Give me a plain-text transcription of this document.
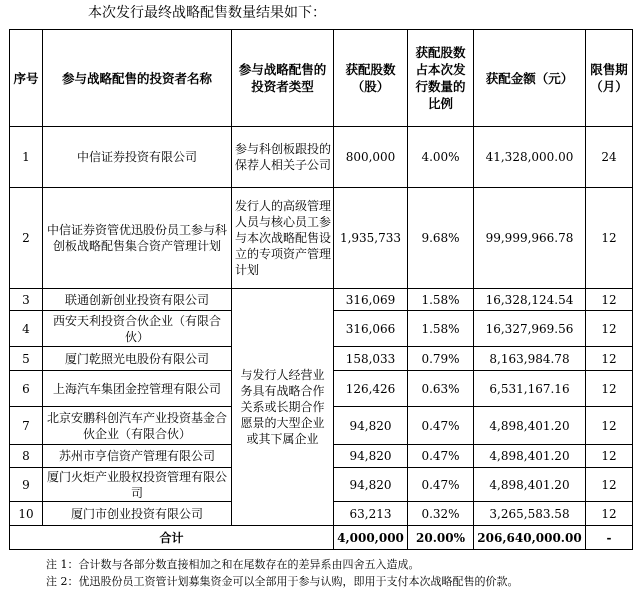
本次发行最终战略配售数量结果如下：
序号	参与战略配售的投资者名称	参与战略配售的投资者类型	获配股数（股）	获配股数占本次发行数量的比例	获配金额（元）	限售期（月）
1	中信证券投资有限公司	参与科创板跟投的保荐人相关子公司	800,000	4.00%	41,328,000.00	24
2	中信证券资管优迅股份员工参与科创板战略配售集合资产管理计划	发行人的高级管理人员与核心员工参与本次战略配售设立的专项资产管理计划	1,935,733	9.68%	99,999,966.78	12
3	联通创新创业投资有限公司	与发行人经营业务具有战略合作关系或长期合作愿景的大型企业或其下属企业	316,069	1.58%	16,328,124.54	12
4	西安天利投资合伙企业（有限合伙）		316,066	1.58%	16,327,969.56	12
5	厦门乾照光电股份有限公司		158,033	0.79%	8,163,984.78	12
6	上海汽车集团金控管理有限公司		126,426	0.63%	6,531,167.16	12
7	北京安鹏科创汽车产业投资基金合伙企业（有限合伙）		94,820	0.47%	4,898,401.20	12
8	苏州市亨信资产管理有限公司		94,820	0.47%	4,898,401.20	12
9	厦门火炬产业股权投资管理有限公司		94,820	0.47%	4,898,401.20	12
10	厦门市创业投资有限公司		63,213	0.32%	3,265,583.58	12
合计			4,000,000	20.00%	206,640,000.00	-
注 1：合计数与各部分数直接相加之和在尾数存在的差异系由四舍五入造成。
注 2：优迅股份员工资管计划募集资金可以全部用于参与认购，即用于支付本次战略配售的价款。
